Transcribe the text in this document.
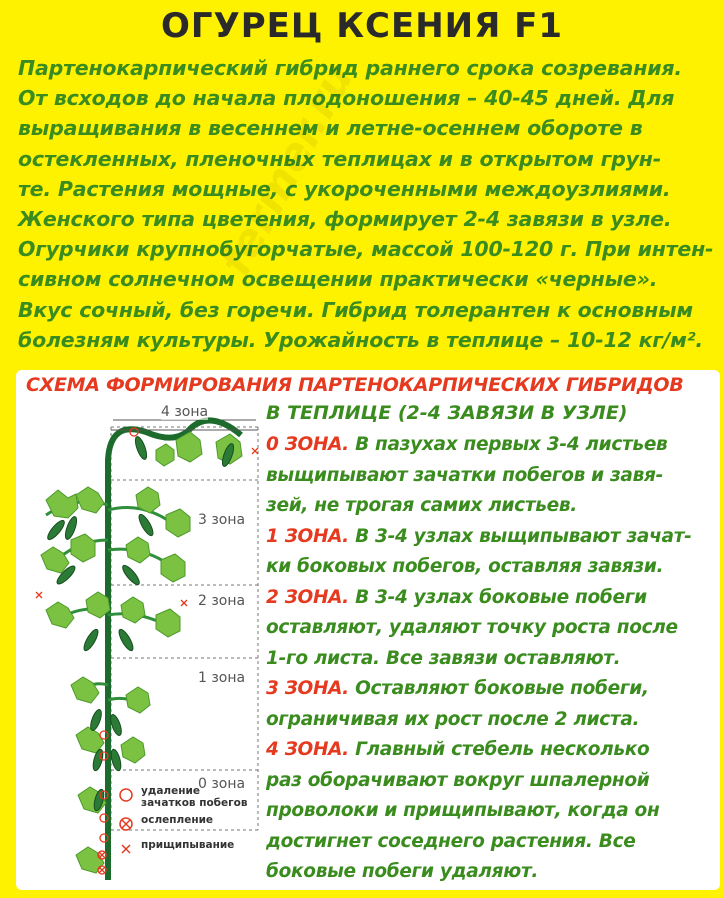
ОГУРЕЦ КСЕНИЯ F1
Партенокарпический гибрид раннего срока созревания.
От всходов до начала плодоношения – 40-45 дней. Для
выращивания в весеннем и летне-осеннем обороте в
остекленных, пленочных теплицах и в открытом грун-
те. Растения мощные, с укороченными междоузлиями.
Женского типа цветения, формирует 2-4 завязи в узле.
Огурчики крупнобугорчатые, массой 100-120 г. При интен-
сивном солнечном освещении практически «черные».
Вкус сочный, без горечи. Гибрид толерантен к основным
болезням культуры. Урожайность в теплице – 10-12 кг/м².
СХЕМА ФОРМИРОВАНИЯ ПАРТЕНОКАРПИЧЕСКИХ ГИБРИДОВ
В ТЕПЛИЦЕ (2-4 ЗАВЯЗИ В УЗЛЕ)
4 зона
3 зона
2 зона
1 зона
0 зона
удаление зачатков побегов
ослепление
прищипывание
0 ЗОНА. В пазухах первых 3-4 листьев
выщипывают зачатки побегов и завя-
зей, не трогая самих листьев.
1 ЗОНА. В 3-4 узлах выщипывают зачат-
ки боковых побегов, оставляя завязи.
2 ЗОНА. В 3-4 узлах боковые побеги
оставляют, удаляют точку роста после
1-го листа. Все завязи оставляют.
3 ЗОНА. Оставляют боковые побеги,
ограничивая их рост после 2 листа.
4 ЗОНА. Главный стебель несколько
раз оборачивают вокруг шпалерной
проволоки и прищипывают, когда он
достигнет соседнего растения. Все
боковые побеги удаляют.
fermer.ru
